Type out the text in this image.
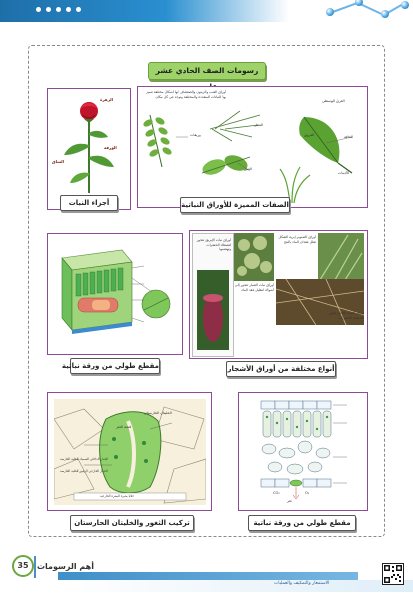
رسومات الصف الحادي عشر
الزهرة
الورقة
الساق
أجزاء النبات
أوراق العنب والزيتون والصفصاف لها أشكال مختلفة تتميز بها النباتات المتعددة والمختلفة وتوجد في كل مكان
وريقات
العنق
النصل
العرق الوسطي
الحافة
العروق
الأذينات
الصفات المميزة للأوراق النباتية
مقطع طولي من ورقة نباتية
أوراق نبات الإبريق تتحور لتصطاد الحشرات وتهضمها
أوراق نبات الصبار تتحور إلى أشواك لتقليل فقد الماء
أوراق الصنوبر إبرية الشكل تقلل فقدان الماء بالنتح
أوراق النبات اللاحم تتحور لاصطياد الحشرات
أنواع مختلفة من أوراق الأشجار
الخليتان الحارستان
فتحة الثغر
الجدار الداخلي السميك للخلية الحارسة
الجدار الخارجي الرقيق للخلية الحارسة
خلايا بشرة البشرة الخارجية
تركيب الثغور والخليتان الحارستان
ثغر
CO₂	O₂
مقطع طولي من ورقة نباتية
35	أهم الرسومات
الاستمعار والتمكيف والعمليات
